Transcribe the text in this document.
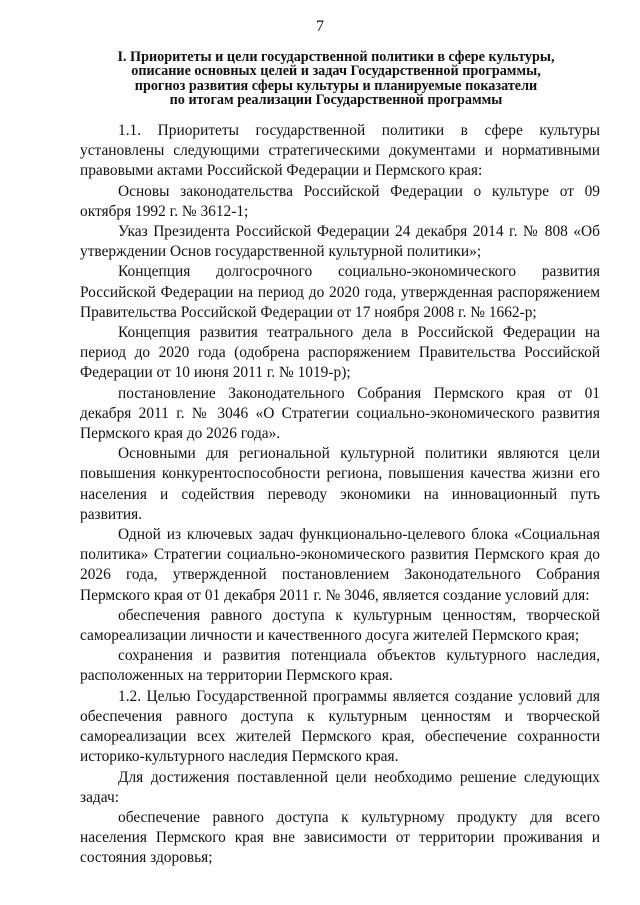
7
I. Приоритеты и цели государственной политики в сфере культуры,
описание основных целей и задач Государственной программы,
прогноз развития сферы культуры и планируемые показатели
по итогам реализации Государственной программы

1.1. Приоритеты государственной политики в сфере культуры установлены следующими стратегическими документами и нормативными правовыми актами Российской Федерации и Пермского края:

Основы законодательства Российской Федерации о культуре от 09 октября 1992 г. № 3612-1;

Указ Президента Российской Федерации 24 декабря 2014 г. № 808 «Об утверждении Основ государственной культурной политики»;

Концепция долгосрочного социально-экономического развития Российской Федерации на период до 2020 года, утвержденная распоряжением Правительства Российской Федерации от 17 ноября 2008 г. № 1662-р;

Концепция развития театрального дела в Российской Федерации на период до 2020 года (одобрена распоряжением Правительства Российской Федерации от 10 июня 2011 г. № 1019-р);

постановление Законодательного Собрания Пермского края от 01 декабря 2011 г. № 3046 «О Стратегии социально-экономического развития Пермского края до 2026 года».

Основными для региональной культурной политики являются цели повышения конкурентоспособности региона, повышения качества жизни его населения и содействия переводу экономики на инновационный путь развития.

Одной из ключевых задач функционально-целевого блока «Социальная политика» Стратегии социально-экономического развития Пермского края до 2026 года, утвержденной постановлением Законодательного Собрания Пермского края от 01 декабря 2011 г. № 3046, является создание условий для:

обеспечения равного доступа к культурным ценностям, творческой самореализации личности и качественного досуга жителей Пермского края;

сохранения и развития потенциала объектов культурного наследия, расположенных на территории Пермского края.

1.2. Целью Государственной программы является создание условий для обеспечения равного доступа к культурным ценностям и творческой самореализации всех жителей Пермского края, обеспечение сохранности историко-культурного наследия Пермского края.

Для достижения поставленной цели необходимо решение следующих задач:

обеспечение равного доступа к культурному продукту для всего населения Пермского края вне зависимости от территории проживания и состояния здоровья;
